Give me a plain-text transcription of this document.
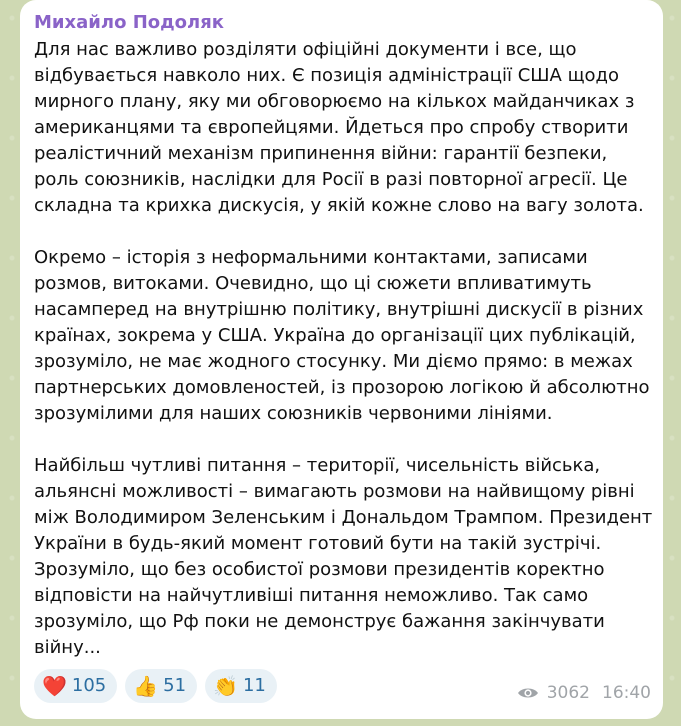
Михайло Подоляк
Для нас важливо розділяти офіційні документи і все, що
відбувається навколо них. Є позиція адміністрації США щодо
мирного плану, яку ми обговорюємо на кількох майданчиках з
американцями та європейцями. Йдеться про спробу створити
реалістичний механізм припинення війни: гарантії безпеки,
роль союзників, наслідки для Росії в разі повторної агресії. Це
складна та крихка дискусія, у якій кожне слово на вагу золота.
Окремо – історія з неформальними контактами, записами
розмов, витоками. Очевидно, що ці сюжети впливатимуть
насамперед на внутрішню політику, внутрішні дискусії в різних
країнах, зокрема у США. Україна до організації цих публікацій,
зрозуміло, не має жодного стосунку. Ми діємо прямо: в межах
партнерських домовленостей, із прозорою логікою й абсолютно
зрозумілими для наших союзників червоними лініями.
Найбільш чутливі питання – території, чисельність війська,
альянсні можливості – вимагають розмови на найвищому рівні
між Володимиром Зеленським і Дональдом Трампом. Президент
України в будь-який момент готовий бути на такій зустрічі.
Зрозуміло, що без особистої розмови президентів коректно
відповісти на найчутливіші питання неможливо. Так само
зрозуміло, що Рф поки не демонструє бажання закінчувати
війну...
❤️ 105 👍 51 👏 11	3062 16:40
